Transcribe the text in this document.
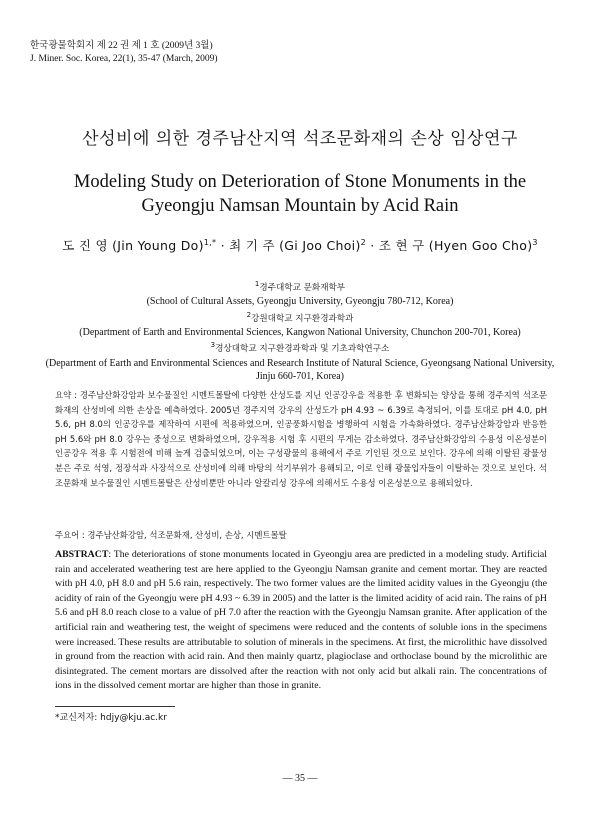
한국광물학회지 제 22 권 제 1 호 (2009년 3월)
J. Miner. Soc. Korea, 22(1), 35-47 (March, 2009)
산성비에 의한 경주남산지역 석조문화재의 손상 임상연구
Modeling Study on Deterioration of Stone Monuments in the Gyeongju Namsan Mountain by Acid Rain
도 진 영 (Jin Young Do)$^{1,*}$ · 최 기 주 (Gi Joo Choi)$^2$ · 조 현 구 (Hyen Goo Cho)$^3$
$^1$경주대학교 문화재학부
(School of Cultural Assets, Gyeongju University, Gyeongju 780-712, Korea)
$^2$강원대학교 지구환경과학과
(Department of Earth and Environmental Sciences, Kangwon National University, Chunchon 200-701, Korea)
$^3$경상대학교 지구환경과학과 및 기초과학연구소
(Department of Earth and Environmental Sciences and Research Institute of Natural Science, Gyeongsang National University, Jinju 660-701, Korea)
요약 : 경주남산화강암과 보수물질인 시멘트몰탈에 다양한 산성도를 지닌 인공강우을 적용한 후 변화되는 양상을 통해 경주지역 석조문화재의 산성비에 의한 손상을 예측하였다. 2005년 경주지역 강우의 산성도가 pH 4.93 ~ 6.39로 측정되어, 이를 토대로 pH 4.0, pH 5.6, pH 8.0의 인공강우를 제작하여 시편에 적용하였으며, 인공풍화시험을 병행하여 시험을 가속화하였다. 경주남산화강암과 반응한 pH 5.6와 pH 8.0 강우는 중성으로 변화하였으며, 강우적용 시험 후 시편의 무게는 감소하였다. 경주남산화강암의 수용성 이온성분이 인공강우 적용 후 시험전에 비해 높게 검출되었으며, 이는 구성광물의 용해에서 주로 기인된 것으로 보인다. 강우에 의해 이탈된 광물성분은 주로 석영, 정장석과 사장석으로 산성비에 의해 바탕의 석기부위가 용해되고, 이로 인해 광물입자들이 이탈하는 것으로 보인다. 석조문화재 보수물질인 시멘트몰탈은 산성비뿐만 아니라 알칼리성 강우에 의해서도 수용성 이온성분으로 용해되었다.
주요어 : 경주남산화강암, 석조문화재, 산성비, 손상, 시멘트몰탈
ABSTRACT: The deteriorations of stone monuments located in Gyeongju area are predicted in a modeling study. Artificial rain and accelerated weathering test are here applied to the Gyeongju Namsan granite and cement mortar. They are reacted with pH 4.0, pH 8.0 and pH 5.6 rain, respectively. The two former values are the limited acidity values in the Gyeongju (the acidity of rain of the Gyeongju were pH 4.93 ~ 6.39 in 2005) and the latter is the limited acidity of acid rain. The rains of pH 5.6 and pH 8.0 reach close to a value of pH 7.0 after the reaction with the Gyeongju Namsan granite. After application of the artificial rain and weathering test, the weight of specimens were reduced and the contents of soluble ions in the specimens were increased. These results are attributable to solution of minerals in the specimens. At first, the microlithic have dissolved in ground from the reaction with acid rain. And then mainly quartz, plagioclase and orthoclase bound by the microlithic are disintegrated. The cement mortars are dissolved after the reaction with not only acid but alkali rain. The concentrations of ions in the dissolved cement mortar are higher than those in granite.
*교신저자: hdjy@kju.ac.kr
— 35 —
